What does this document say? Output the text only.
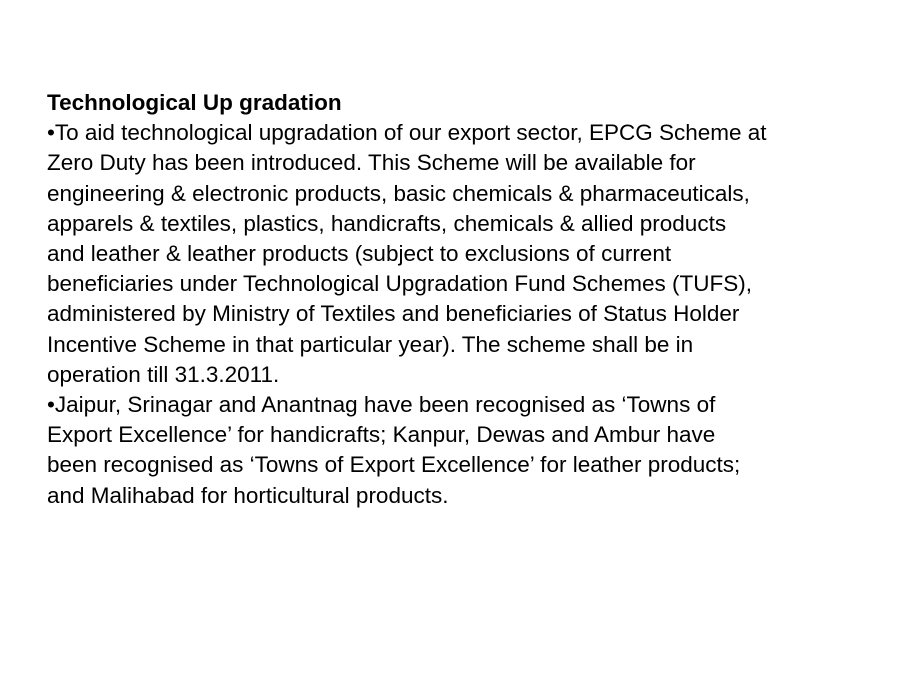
Technological Up gradation
•To aid technological upgradation of our export sector, EPCG Scheme at
Zero Duty has been introduced. This Scheme will be available for
engineering & electronic products, basic chemicals & pharmaceuticals,
apparels & textiles, plastics, handicrafts, chemicals & allied products
and leather & leather products (subject to exclusions of current
beneficiaries under Technological Upgradation Fund Schemes (TUFS),
administered by Ministry of Textiles and beneficiaries of Status Holder
Incentive Scheme in that particular year). The scheme shall be in
operation till 31.3.2011.
•Jaipur, Srinagar and Anantnag have been recognised as ‘Towns of
Export Excellence’ for handicrafts; Kanpur, Dewas and Ambur have
been recognised as ‘Towns of Export Excellence’ for leather products;
and Malihabad for horticultural products.
